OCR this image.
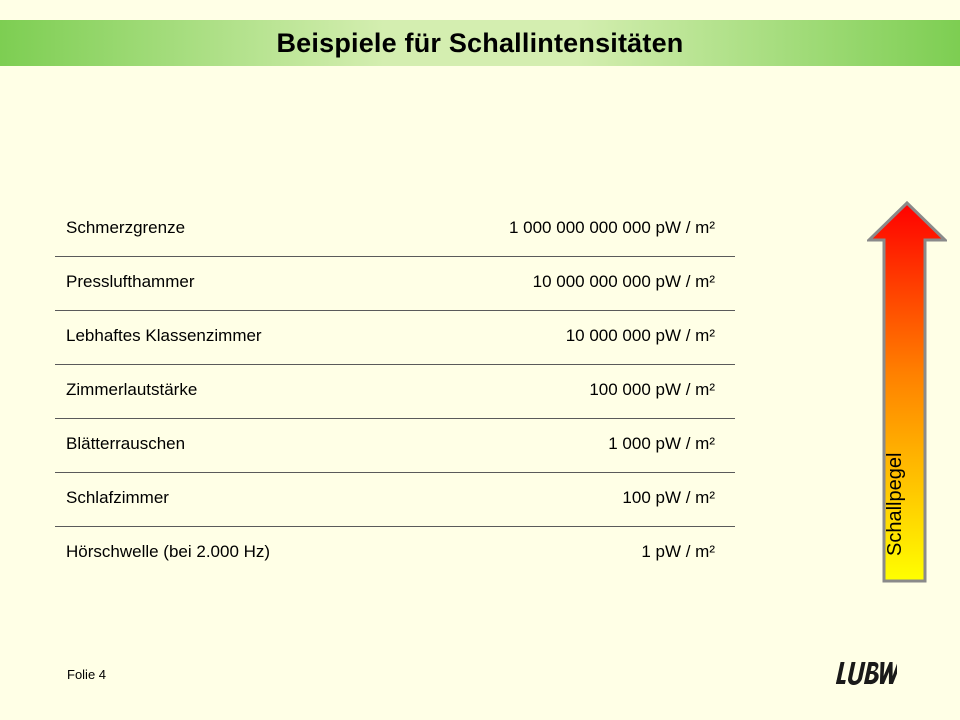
Beispiele für Schallintensitäten
Schmerzgrenze	1 000 000 000 000 pW / m²
Presslufthammer	10 000 000 000 pW / m²
Lebhaftes Klassenzimmer	10 000 000 pW / m²
Zimmerlautstärke	100 000 pW / m²
Blätterrauschen	1 000 pW / m²
Schlafzimmer	100 pW / m²
Hörschwelle (bei 2.000 Hz)	1 pW / m²	Schallpegel
Folie 4
